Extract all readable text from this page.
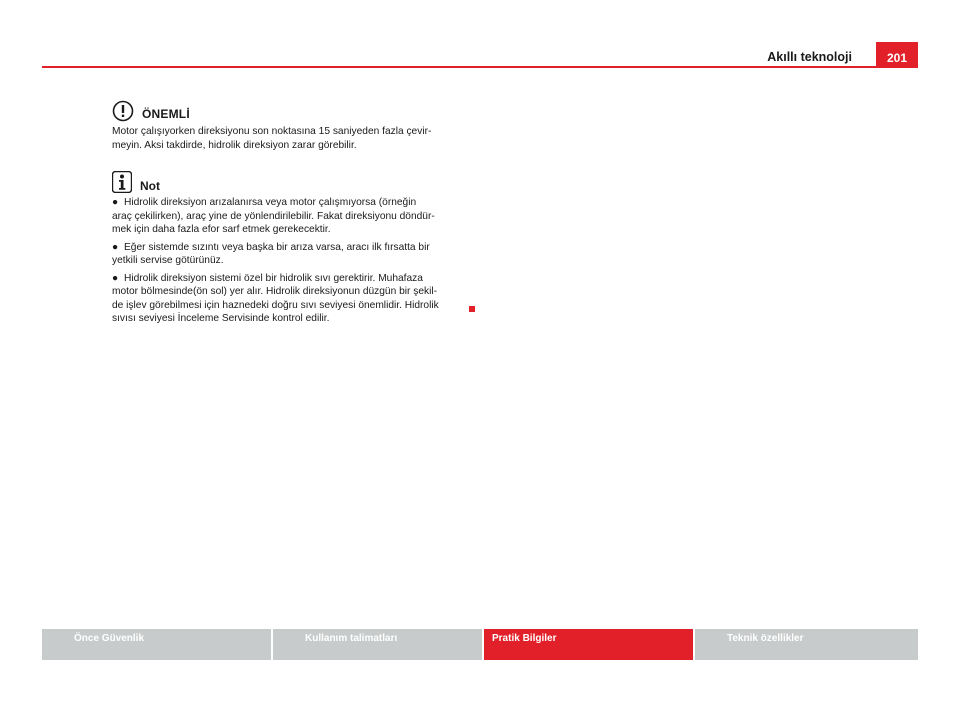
Akıllı teknoloji	201
ÖNEMLİ

Motor çalışıyorken direksiyonu son noktasına 15 saniyeden fazla çevir-
meyin. Aksi takdirde, hidrolik direksiyon zarar görebilir.

Not

● Hidrolik direksiyon arızalanırsa veya motor çalışmıyorsa (örneğin
araç çekilirken), araç yine de yönlendirilebilir. Fakat direksiyonu döndür-
mek için daha fazla efor sarf etmek gerekecektir.

● Eğer sistemde sızıntı veya başka bir arıza varsa, aracı ilk fırsatta bir
yetkili servise götürünüz.

● Hidrolik direksiyon sistemi özel bir hidrolik sıvı gerektirir. Muhafaza
motor bölmesinde(ön sol) yer alır. Hidrolik direksiyonun düzgün bir şekil-
de işlev görebilmesi için haznedeki doğru sıvı seviyesi önemlidir. Hidrolik
sıvısı seviyesi İnceleme Servisinde kontrol edilir.

Önce Güvenlik	Kullanım talimatları	Pratik Bilgiler	Teknik özellikler
